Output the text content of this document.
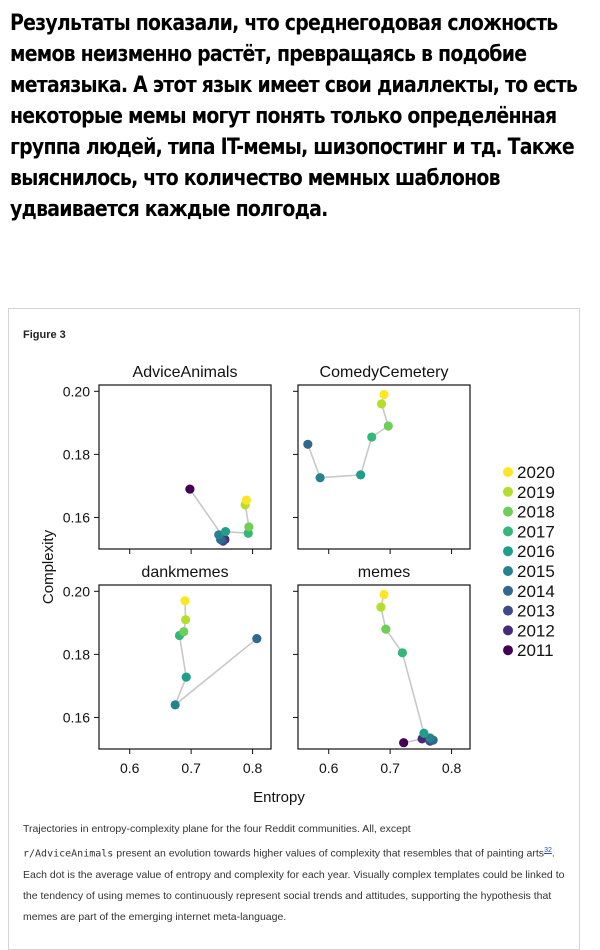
Результаты показали, что среднегодовая сложность мемов неизменно растёт, превращаясь в подобие метаязыка. А этот язык имеет свои диаллекты, то есть некоторые мемы могут понять только определённая группа людей, типа IT-мемы, шизопостинг и тд. Также выяснилось, что количество мемных шаблонов удваивается каждые полгода.

Figure 3
AdviceAnimals
0.16
0.18
0.20
ComedyCemetery
dankmemes
0.6	0.7	0.8
0.16
0.18
0.20
memes
0.6	0.7	0.8
Entropy
Complexity
2020
2019
2018
2017
2016
2015
2014
2013
2012
2011

Trajectories in entropy-complexity plane for the four Reddit communities. All, except
r/AdviceAnimals present an evolution towards higher values of complexity that resembles that of painting arts$^{32}$. Each dot is the average value of entropy and complexity for each year. Visually complex templates could be linked to the tendency of using memes to continuously represent social trends and attitudes, supporting the hypothesis that memes are part of the emerging internet meta-language.
